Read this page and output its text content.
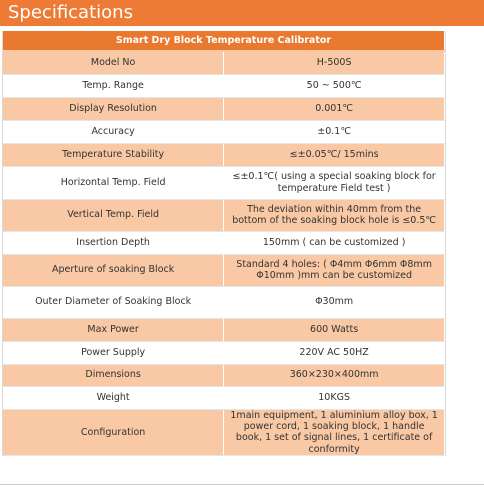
Specifications
Smart Dry Block Temperature Calibrator	
Model No	H-500S
Temp. Range	50 ~ 500℃
Display Resolution	0.001℃
Accuracy	±0.1℃
Temperature Stability	≤±0.05℃/ 15mins
Horizontal Temp. Field	≤±0.1℃( using a special soaking block for temperature Field test )
Vertical Temp. Field	The deviation within 40mm from the bottom of the soaking block hole is ≤0.5℃
Insertion Depth	150mm ( can be customized )
Aperture of soaking Block	Standard 4 holes: ( Φ4mm Φ6mm Φ8mm Φ10mm )mm can be customized
Outer Diameter of Soaking Block	Φ30mm
Max Power	600 Watts
Power Supply	220V AC 50HZ
Dimensions	360×230×400mm
Weight	10KGS
Configuration	1main equipment, 1 aluminium alloy box, 1 power cord, 1 soaking block, 1 handle book, 1 set of signal lines, 1 certificate of conformity
